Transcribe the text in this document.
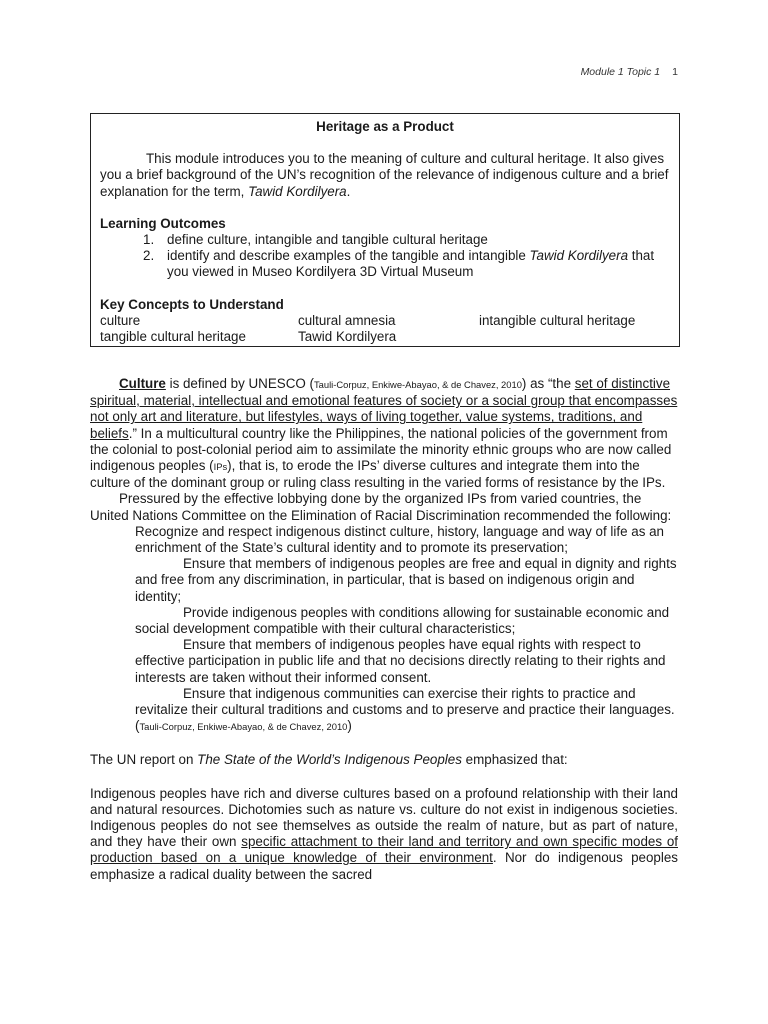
Module 1 Topic 1 1

Heritage as a Product

This module introduces you to the meaning of culture and cultural heritage. It also gives you a brief background of the UN’s recognition of the relevance of indigenous culture and a brief explanation for the term, Tawid Kordilyera.

Learning Outcomes

1. define culture, intangible and tangible cultural heritage
2. identify and describe examples of the tangible and intangible Tawid Kordilyera that you viewed in Museo Kordilyera 3D Virtual Museum

Key Concepts to Understand

culture	cultural amnesia	intangible cultural heritage
tangible cultural heritage	Tawid Kordilyera

Culture is defined by UNESCO (Tauli-Corpuz, Enkiwe-Abayao, & de Chavez, 2010) as “the set of distinctive spiritual, material, intellectual and emotional features of society or a social group that encompasses not only art and literature, but lifestyles, ways of living together, value systems, traditions, and beliefs.” In a multicultural country like the Philippines, the national policies of the government from the colonial to post-colonial period aim to assimilate the minority ethnic groups who are now called indigenous peoples (IPs), that is, to erode the IPs’ diverse cultures and integrate them into the culture of the dominant group or ruling class resulting in the varied forms of resistance by the IPs.

Pressured by the effective lobbying done by the organized IPs from varied countries, the United Nations Committee on the Elimination of Racial Discrimination recommended the following:

Recognize and respect indigenous distinct culture, history, language and way of life as an enrichment of the State’s cultural identity and to promote its preservation;

Ensure that members of indigenous peoples are free and equal in dignity and rights and free from any discrimination, in particular, that is based on indigenous origin and identity;

Provide indigenous peoples with conditions allowing for sustainable economic and social development compatible with their cultural characteristics;

Ensure that members of indigenous peoples have equal rights with respect to effective participation in public life and that no decisions directly relating to their rights and interests are taken without their informed consent.

Ensure that indigenous communities can exercise their rights to practice and revitalize their cultural traditions and customs and to preserve and practice their languages. (Tauli-Corpuz, Enkiwe-Abayao, & de Chavez, 2010)

The UN report on The State of the World’s Indigenous Peoples emphasized that:

Indigenous peoples have rich and diverse cultures based on a profound relationship with their land and natural resources. Dichotomies such as nature vs. culture do not exist in indigenous societies. Indigenous peoples do not see themselves as outside the realm of nature, but as part of nature, and they have their own specific attachment to their land and territory and own specific modes of production based on a unique knowledge of their environment. Nor do indigenous peoples emphasize a radical duality between the sacred
